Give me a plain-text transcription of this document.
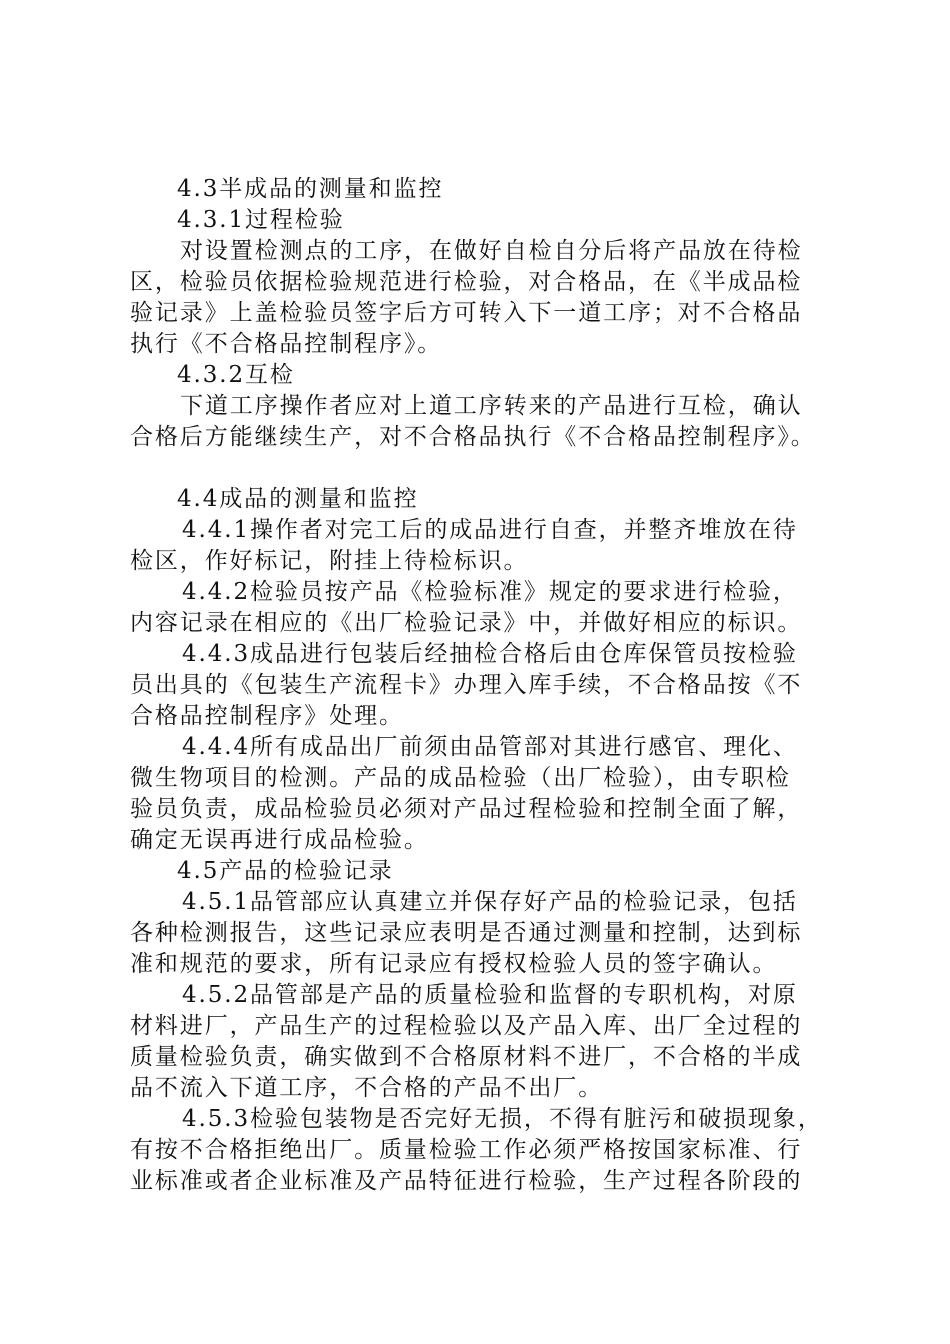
4.3半成品的测量和监控
4.3.1过程检验
对设置检测点的工序，在做好自检自分后将产品放在待检
区，检验员依据检验规范进行检验，对合格品，在《半成品检
验记录》上盖检验员签字后方可转入下一道工序；对不合格品
执行《不合格品控制程序》。
4.3.2互检
下道工序操作者应对上道工序转来的产品进行互检，确认
合格后方能继续生产，对不合格品执行《不合格品控制程序》。
4.4成品的测量和监控
4.4.1操作者对完工后的成品进行自查，并整齐堆放在待
检区，作好标记，附挂上待检标识。
4.4.2检验员按产品《检验标准》规定的要求进行检验，
内容记录在相应的《出厂检验记录》中，并做好相应的标识。
4.4.3成品进行包装后经抽检合格后由仓库保管员按检验
员出具的《包装生产流程卡》办理入库手续，不合格品按《不
合格品控制程序》处理。
4.4.4所有成品出厂前须由品管部对其进行感官、理化、
微生物项目的检测。产品的成品检验（出厂检验），由专职检
验员负责，成品检验员必须对产品过程检验和控制全面了解，
确定无误再进行成品检验。
4.5产品的检验记录
4.5.1品管部应认真建立并保存好产品的检验记录，包括
各种检测报告，这些记录应表明是否通过测量和控制，达到标
准和规范的要求，所有记录应有授权检验人员的签字确认。
4.5.2品管部是产品的质量检验和监督的专职机构，对原
材料进厂，产品生产的过程检验以及产品入库、出厂全过程的
质量检验负责，确实做到不合格原材料不进厂，不合格的半成
品不流入下道工序，不合格的产品不出厂。
4.5.3检验包装物是否完好无损，不得有脏污和破损现象，
有按不合格拒绝出厂。质量检验工作必须严格按国家标准、行
业标准或者企业标准及产品特征进行检验，生产过程各阶段的
